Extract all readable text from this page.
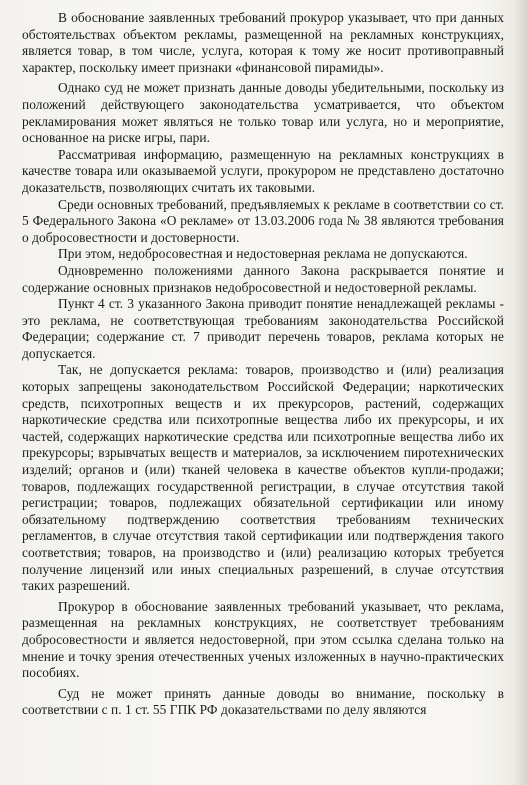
В обоснование заявленных требований прокурор указывает, что при данных обстоятельствах объектом рекламы, размещенной на рекламных конструкциях, является товар, в том числе, услуга, которая к тому же носит противоправный характер, поскольку имеет признаки «финансовой пирамиды».

Однако суд не может признать данные доводы убедительными, поскольку из положений действующего законодательства усматривается, что объектом рекламирования может являться не только товар или услуга, но и мероприятие, основанное на риске игры, пари.

Рассматривая информацию, размещенную на рекламных конструкциях в качестве товара или оказываемой услуги, прокурором не представлено достаточно доказательств, позволяющих считать их таковыми.

Среди основных требований, предъявляемых к рекламе в соответствии со ст. 5 Федерального Закона «О рекламе» от 13.03.2006 года № 38 являются требования о добросовестности и достоверности.

При этом, недобросовестная и недостоверная реклама не допускаются.

Одновременно положениями данного Закона раскрывается понятие и содержание основных признаков недобросовестной и недостоверной рекламы.

Пункт 4 ст. 3 указанного Закона приводит понятие ненадлежащей рекламы - это реклама, не соответствующая требованиям законодательства Российской Федерации; содержание ст. 7 приводит перечень товаров, реклама которых не допускается.

Так, не допускается реклама: товаров, производство и (или) реализация которых запрещены законодательством Российской Федерации; наркотических средств, психотропных веществ и их прекурсоров, растений, содержащих наркотические средства или психотропные вещества либо их прекурсоры, и их частей, содержащих наркотические средства или психотропные вещества либо их прекурсоры; взрывчатых веществ и материалов, за исключением пиротехнических изделий; органов и (или) тканей человека в качестве объектов купли-продажи; товаров, подлежащих государственной регистрации, в случае отсутствия такой регистрации; товаров, подлежащих обязательной сертификации или иному обязательному подтверждению соответствия требованиям технических регламентов, в случае отсутствия такой сертификации или подтверждения такого соответствия; товаров, на производство и (или) реализацию которых требуется получение лицензий или иных специальных разрешений, в случае отсутствия таких разрешений.

Прокурор в обоснование заявленных требований указывает, что реклама, размещенная на рекламных конструкциях, не соответствует требованиям добросовестности и является недостоверной, при этом ссылка сделана только на мнение и точку зрения отечественных ученых изложенных в научно-практических пособиях.

Суд не может принять данные доводы во внимание, поскольку в соответствии с п. 1 ст. 55 ГПК РФ доказательствами по делу являются
